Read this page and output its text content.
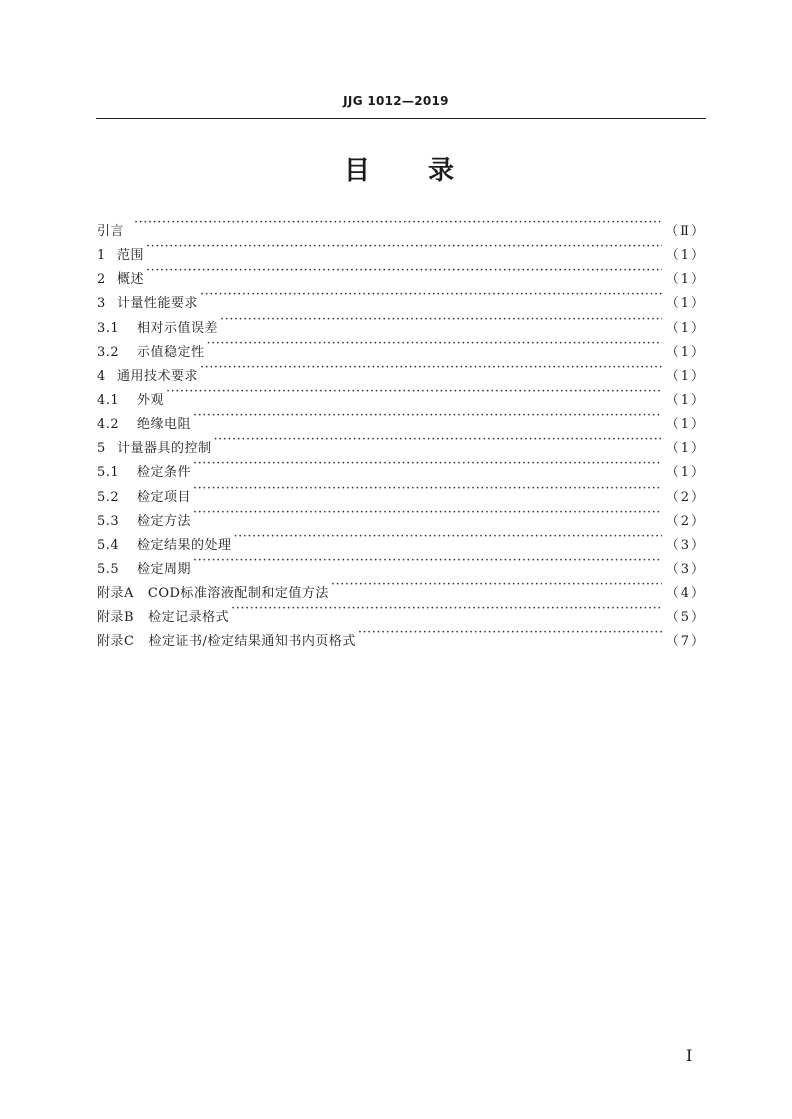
JJG 1012—2019
目 录
引言 ·····	（Ⅱ）
1 范围 ·····	（1）
2 概述 ·····	（1）
3 计量性能要求 ·····	（1）
3.1	相对示值误差 ·····	（1）
3.2	示值稳定性 ·····	（1）
4 通用技术要求 ·····	（1）
4.1	外观 ·····	（1）
4.2	绝缘电阻 ·····	（1）
5 计量器具的控制 ·····	（1）
5.1	检定条件 ·····	（1）
5.2	检定项目 ·····	（2）
5.3	检定方法 ·····	（2）
5.4	检定结果的处理 ·····	（3）
5.5	检定周期 ·····	（3）
附录A COD标准溶液配制和定值方法 ·····	（4）
附录B 检定记录格式 ·····	（5）
附录C 检定证书/检定结果通知书内页格式 ·····	（7）
I
